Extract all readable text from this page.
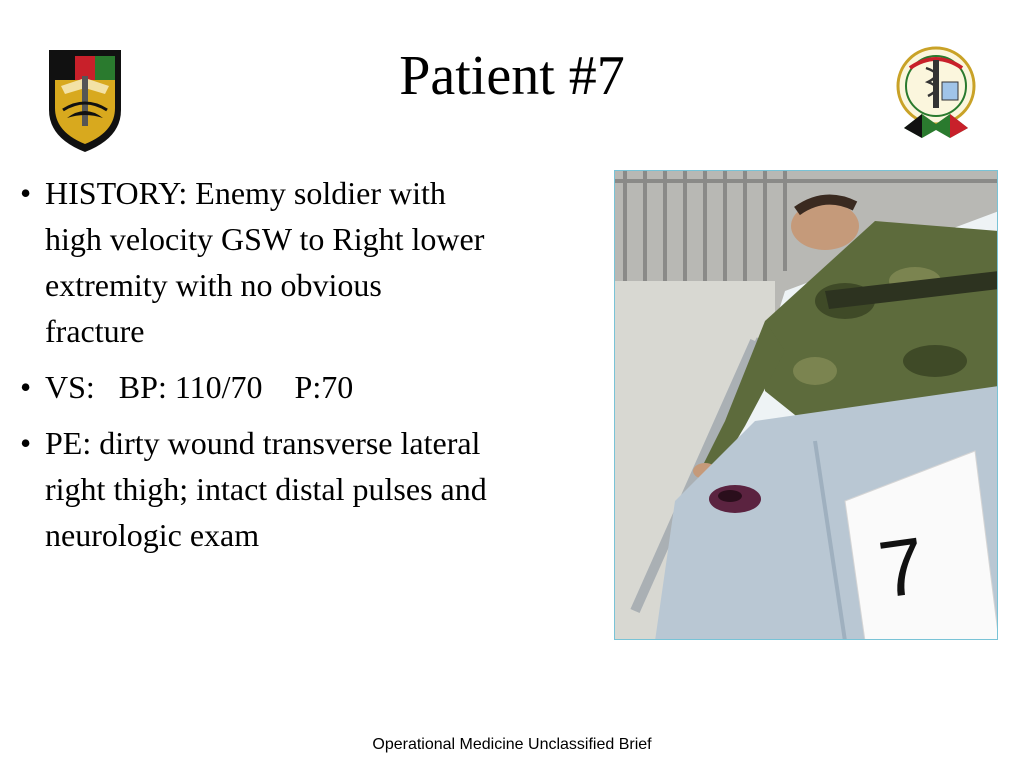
Patient #7
• HISTORY: Enemy soldier with high velocity GSW to Right lower extremity with no obvious fracture
• VS:   BP: 110/70    P:70
• PE: dirty wound transverse lateral right thigh; intact distal pulses and neurologic exam	7
Operational Medicine Unclassified Brief
